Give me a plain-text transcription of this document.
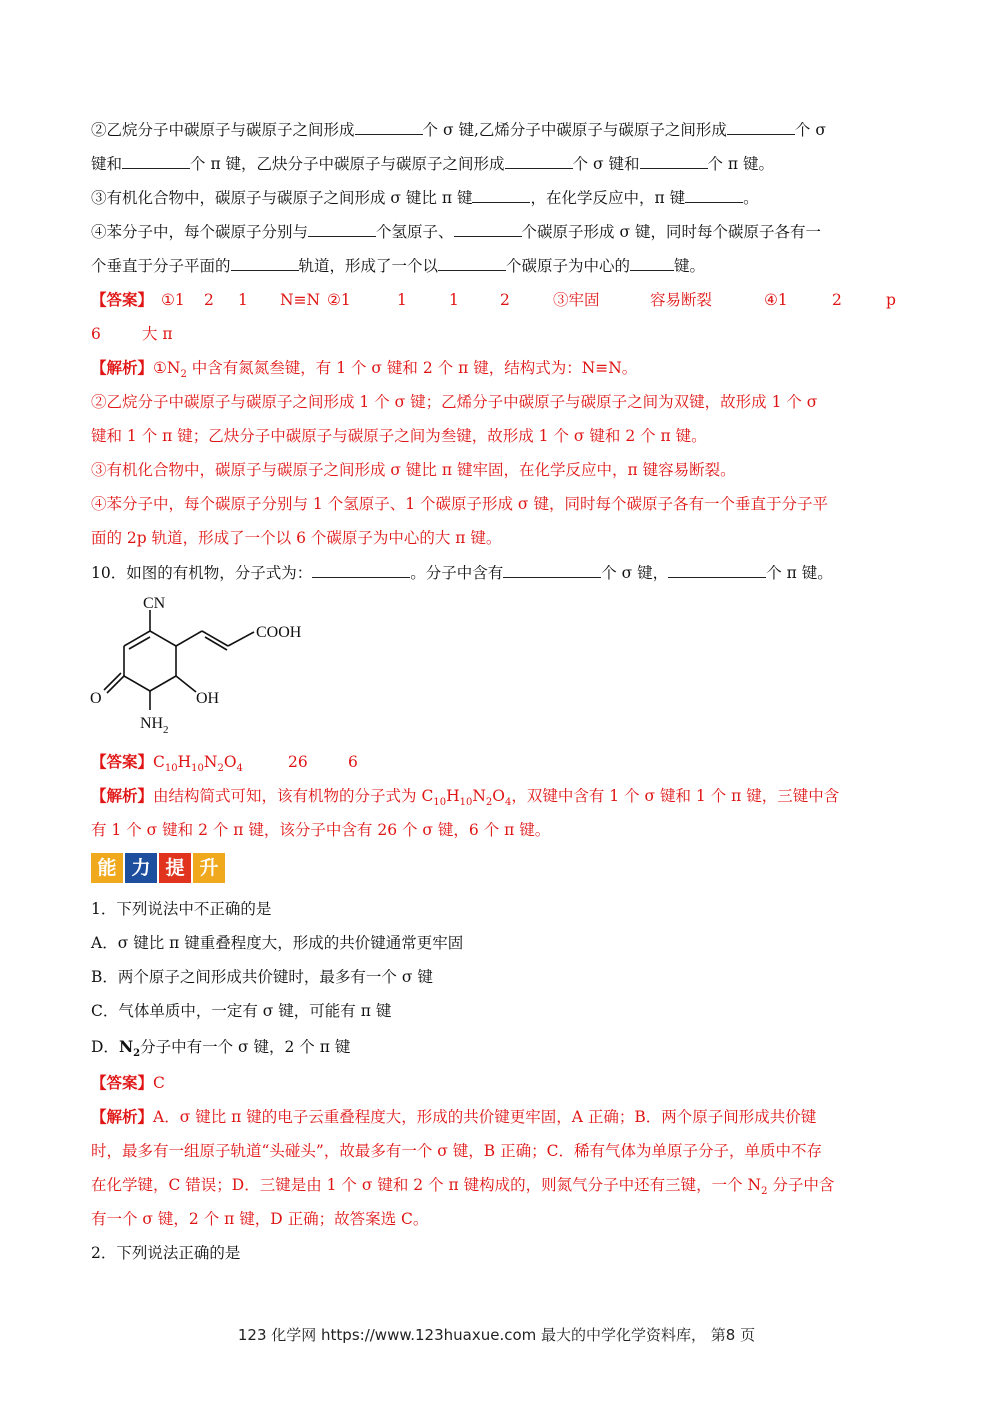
②乙烷分子中碳原子与碳原子之间形成	个 σ 键,乙烯分子中碳原子与碳原子之间形成	个 σ
键和	个 π 键，乙炔分子中碳原子与碳原子之间形成	个 σ 键和	个 π 键。
③有机化合物中，碳原子与碳原子之间形成 σ 键比 π 键	，在化学反应中，π 键	。
④苯分子中，每个碳原子分别与	个氢原子、	个碳原子形成 σ 键，同时每个碳原子各有一
个垂直于分子平面的	轨道，形成了一个以	个碳原子为中心的	键。
【答案】 ①1 2 1 N≡N ②1	1	1	2	③牢固	容易断裂	④1	2	p
6	大 π
【解析】$①N_2$ 中含有氮氮叁键，有 1 个 σ 键和 2 个 π 键，结构式为：N≡N。
②乙烷分子中碳原子与碳原子之间形成 1 个 σ 键；乙烯分子中碳原子与碳原子之间为双键，故形成 1 个 σ
键和 1 个 π 键；乙炔分子中碳原子与碳原子之间为叁键，故形成 1 个 σ 键和 2 个 π 键。
③有机化合物中，碳原子与碳原子之间形成 σ 键比 π 键牢固，在化学反应中，π 键容易断裂。
④苯分子中，每个碳原子分别与 1 个氢原子、1 个碳原子形成 σ 键，同时每个碳原子各有一个垂直于分子平
面的 2p 轨道，形成了一个以 6 个碳原子为中心的大 π 键。
10．如图的有机物，分子式为：	。分子中含有	个 σ 键，	个 π 键。
CN
COOH
O	OH
NH 2
【答案】$C_{10}H_{10}N_2O_4$	26	6
【解析】由结构简式可知，该有机物的分子式为 $C_{10}H_{10}N_2O_4$，双键中含有 1 个 σ 键和 1 个 π 键，三键中含
有 1 个 σ 键和 2 个 π 键，该分子中含有 26 个 σ 键，6 个 π 键。
能 力 提 升
1．下列说法中不正确的是
A．σ 键比 π 键重叠程度大，形成的共价键通常更牢固
B．两个原子之间形成共价键时，最多有一个 σ 键
C．气体单质中，一定有 σ 键，可能有 π 键
D．$N_2$分子中有一个 σ 键，2 个 π 键
【答案】C
【解析】A．σ 键比 π 键的电子云重叠程度大，形成的共价键更牢固，A 正确；B．两个原子间形成共价键
时，最多有一组原子轨道“头碰头”，故最多有一个 σ 键，B 正确；C．稀有气体为单原子分子，单质中不存
在化学键，C 错误；D．三键是由 1 个 σ 键和 2 个 π 键构成的，则氮气分子中还有三键，一个 $N_2$ 分子中含
有一个 σ 键，2 个 π 键，D 正确；故答案选 C。
2．下列说法正确的是
123 化学网 https://www.123huaxue.com 最大的中学化学资料库， 第8 页
